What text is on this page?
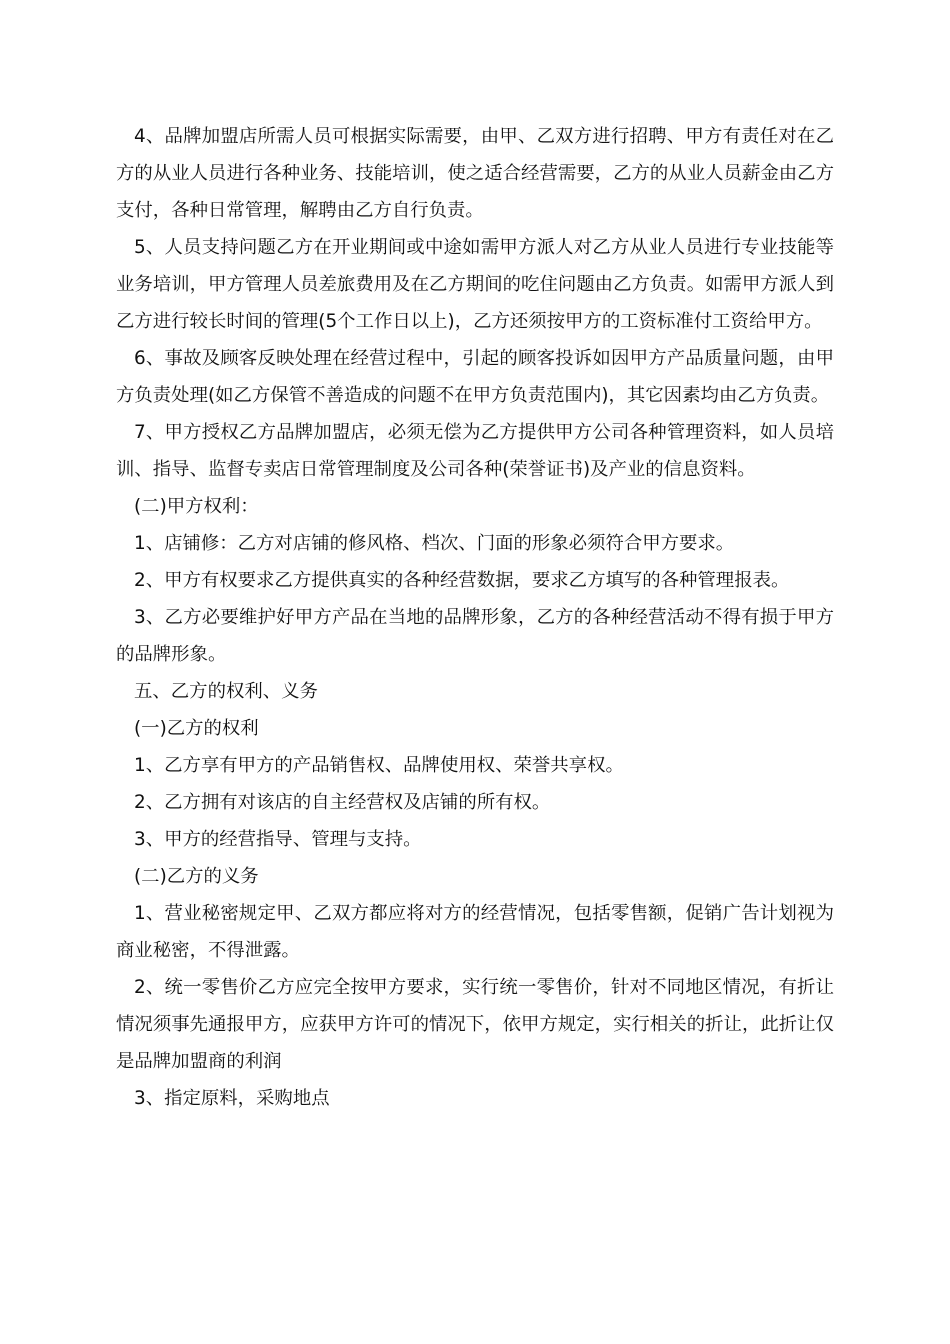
4、品牌加盟店所需人员可根据实际需要，由甲、乙双方进行招聘、甲方有责任对在乙方的从业人员进行各种业务、技能培训，使之适合经营需要，乙方的从业人员薪金由乙方支付，各种日常管理，解聘由乙方自行负责。

5、人员支持问题乙方在开业期间或中途如需甲方派人对乙方从业人员进行专业技能等业务培训，甲方管理人员差旅费用及在乙方期间的吃住问题由乙方负责。如需甲方派人到乙方进行较长时间的管理(5个工作日以上)，乙方还须按甲方的工资标准付工资给甲方。

6、事故及顾客反映处理在经营过程中，引起的顾客投诉如因甲方产品质量问题，由甲方负责处理(如乙方保管不善造成的问题不在甲方负责范围内)，其它因素均由乙方负责。

7、甲方授权乙方品牌加盟店，必须无偿为乙方提供甲方公司各种管理资料，如人员培训、指导、监督专卖店日常管理制度及公司各种(荣誉证书)及产业的信息资料。

(二)甲方权利：

1、店铺修：乙方对店铺的修风格、档次、门面的形象必须符合甲方要求。

2、甲方有权要求乙方提供真实的各种经营数据，要求乙方填写的各种管理报表。

3、乙方必要维护好甲方产品在当地的品牌形象，乙方的各种经营活动不得有损于甲方的品牌形象。

五、乙方的权利、义务

(一)乙方的权利

1、乙方享有甲方的产品销售权、品牌使用权、荣誉共享权。

2、乙方拥有对该店的自主经营权及店铺的所有权。

3、甲方的经营指导、管理与支持。

(二)乙方的义务

1、营业秘密规定甲、乙双方都应将对方的经营情况，包括零售额，促销广告计划视为商业秘密，不得泄露。

2、统一零售价乙方应完全按甲方要求，实行统一零售价，针对不同地区情况，有折让情况须事先通报甲方，应获甲方许可的情况下，依甲方规定，实行相关的折让，此折让仅是品牌加盟商的利润

3、指定原料，采购地点
